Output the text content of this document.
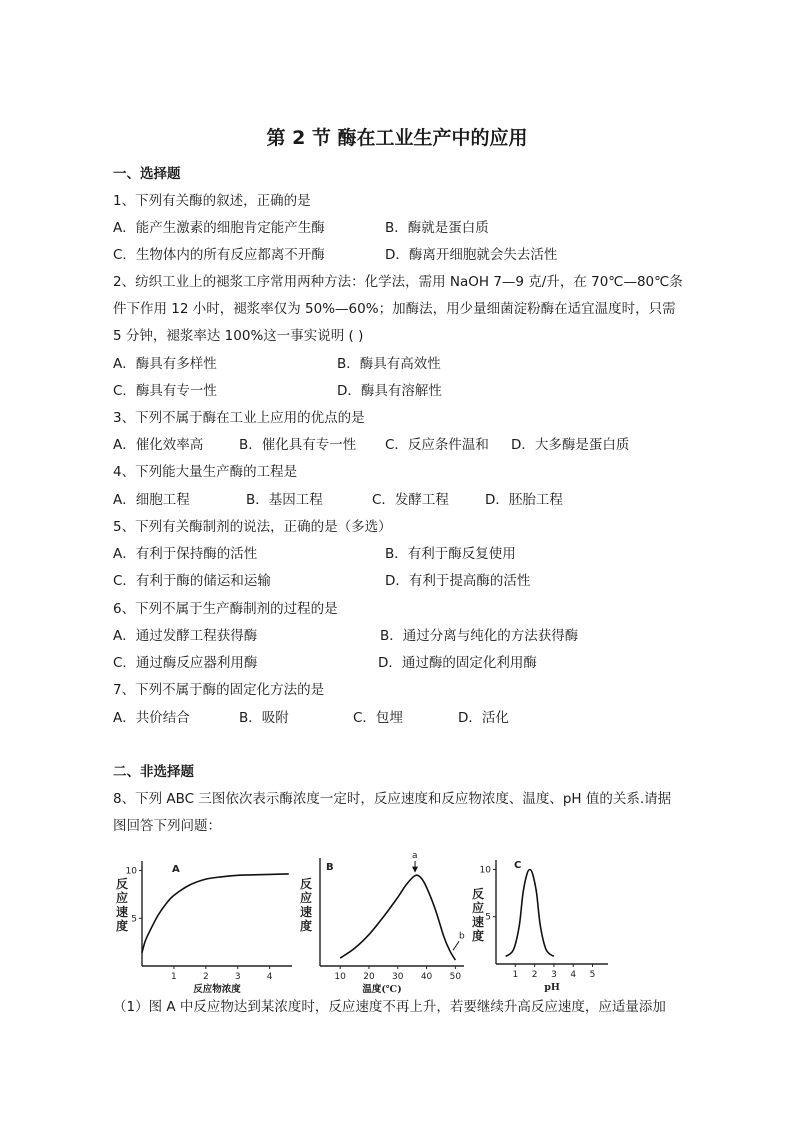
第 2 节 酶在工业生产中的应用
一、选择题
1、下列有关酶的叙述，正确的是
A．能产生激素的细胞肯定能产生酶	B．酶就是蛋白质
C．生物体内的所有反应都离不开酶	D．酶离开细胞就会失去活性
2、纺织工业上的褪浆工序常用两种方法：化学法，需用 NaOH 7—9 克/升，在 70℃—80℃条
件下作用 12 小时，褪浆率仅为 50%—60%；加酶法，用少量细菌淀粉酶在适宜温度时，只需
5 分钟，褪浆率达 100%这一事实说明 ( )
A．酶具有多样性	B．酶具有高效性
C．酶具有专一性	D．酶具有溶解性
3、下列不属于酶在工业上应用的优点的是
A．催化效率高	B．催化具有专一性 C．反应条件温和 D．大多酶是蛋白质
4、下列能大量生产酶的工程是
A．细胞工程	B．基因工程	C．发酵工程	D．胚胎工程
5、下列有关酶制剂的说法，正确的是（多选）
A．有利于保持酶的活性	B．有利于酶反复使用
C．有利于酶的储运和运输	D．有利于提高酶的活性
6、下列不属于生产酶制剂的过程的是
A．通过发酵工程获得酶	B．通过分离与纯化的方法获得酶
C．通过酶反应器利用酶	D．通过酶的固定化利用酶
7、下列不属于酶的固定化方法的是
A．共价结合	B．吸附	C．包埋	D．活化
二、非选择题
8、下列 ABC 三图依次表示酶浓度一定时，反应速度和反应物浓度、温度、pH 值的关系.请据
图回答下列问题：
A
反
应
速
度
10
5
1	2	3	4
反应物浓度
B
反
应
速
度
10 20 30 40 50
温度(℃)
a
b
C
反
应
速
度
10
5
1 2 3 4 5
pH
（1）图 A 中反应物达到某浓度时，反应速度不再上升，若要继续升高反应速度，应适量添加
